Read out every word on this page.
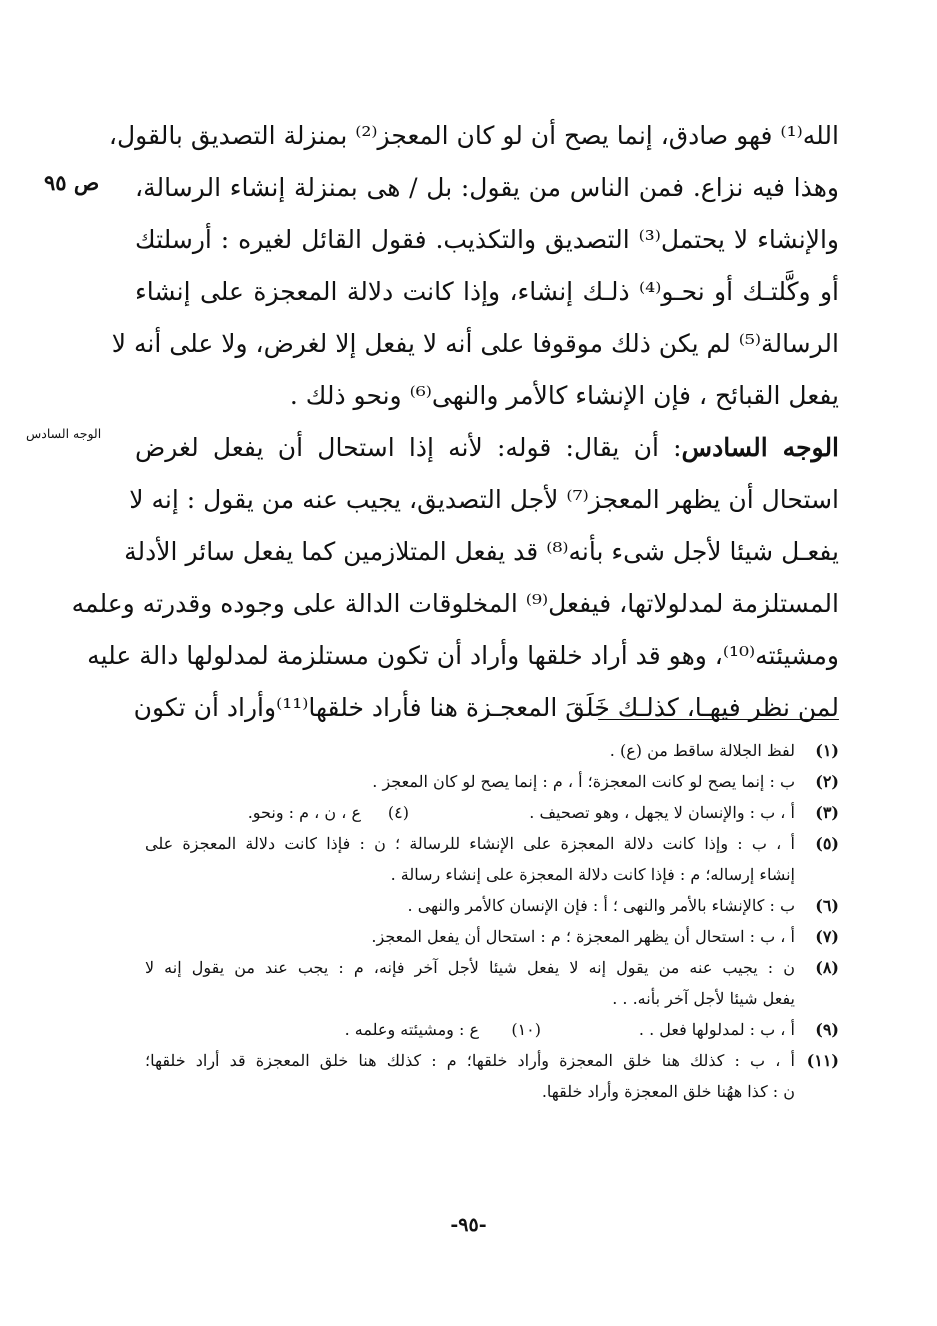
ص ٩٥
الوجه السادس
الله⁽¹⁾ فهو صادق، إنما يصح أن لو كان المعجز⁽²⁾ بمنزلة التصديق بالقول،
وهذا فيه نزاع. فمن الناس من يقول: بل / هى بمنزلة إنشاء الرسالة،
والإنشاء لا يحتمل⁽³⁾ التصديق والتكذيب. فقول القائل لغيره : أرسلتك
أو وكَّلتـك أو نحـو⁽⁴⁾ ذلـك إنشاء، وإذا كانت دلالة المعجزة على إنشاء
الرسالة⁽⁵⁾ لم يكن ذلك موقوفا على أنه لا يفعل إلا لغرض، ولا على أنه لا
يفعل القبائح ، فإن الإنشاء كالأمر والنهى⁽⁶⁾ ونحو ذلك .
الوجه السادس: أن يقال: قوله: لأنه إذا استحال أن يفعل لغرض
استحال أن يظهر المعجز⁽⁷⁾ لأجل التصديق، يجيب عنه من يقول : إنه لا
يفعـل شيئا لأجل شىء بأنه⁽⁸⁾ قد يفعل المتلازمين كما يفعل سائر الأدلة
المستلزمة لمدلولاتها، فيفعل⁽⁹⁾ المخلوقات الدالة على وجوده وقدرته وعلمه
ومشيئته⁽¹⁰⁾، وهو قد أراد خلقها وأراد أن تكون مستلزمة لمدلولها دالة عليه
لمن نظر فيهـا، كذلـك خَلَقَ المعجـزة هنا فأراد خلقها⁽¹¹⁾وأراد أن تكون
(١)
لفظ الجلالة ساقط من (ع) .
(٢)
ب : إنما يصح لو كانت المعجزة؛ أ ، م : إنما يصح لو كان المعجز .
(٣)
أ ، ب : والإنسان لا يجهل ، وهو تصحيف .
(٤)
ع ، ن ، م : ونحو.
(٥)
أ ، ب : وإذا كانت دلالة المعجزة على الإنشاء للرسالة ؛ ن : فإذا كانت دلالة المعجزة على
إنشاء إرساله؛ م : فإذا كانت دلالة المعجزة على إنشاء رسالة .
(٦)
ب : كالإنشاء بالأمر والنهى ؛ أ : فإن الإنسان كالأمر والنهى .
(٧)
أ ، ب : استحال أن يظهر المعجزة ؛ م : استحال أن يفعل المعجز.
(٨)
ن : يجيب عنه من يقول إنه لا يفعل شيئا لأجل آخر فإنه، م : يجب عند من يقول إنه لا
يفعل شيئا لأجل آخر بأنه. . .
(٩)
أ ، ب : لمدلولها فعل . .
(١٠)
ع : ومشيئته وعلمه .
(١١)
أ ، ب : كذلك هنا خلق المعجزة وأراد خلقها؛ م : كذلك هنا خلق المعجزة قد أراد خلقها؛
ن : كذا ههُنا خلق المعجزة وأراد خلقها.
-٩٥-
